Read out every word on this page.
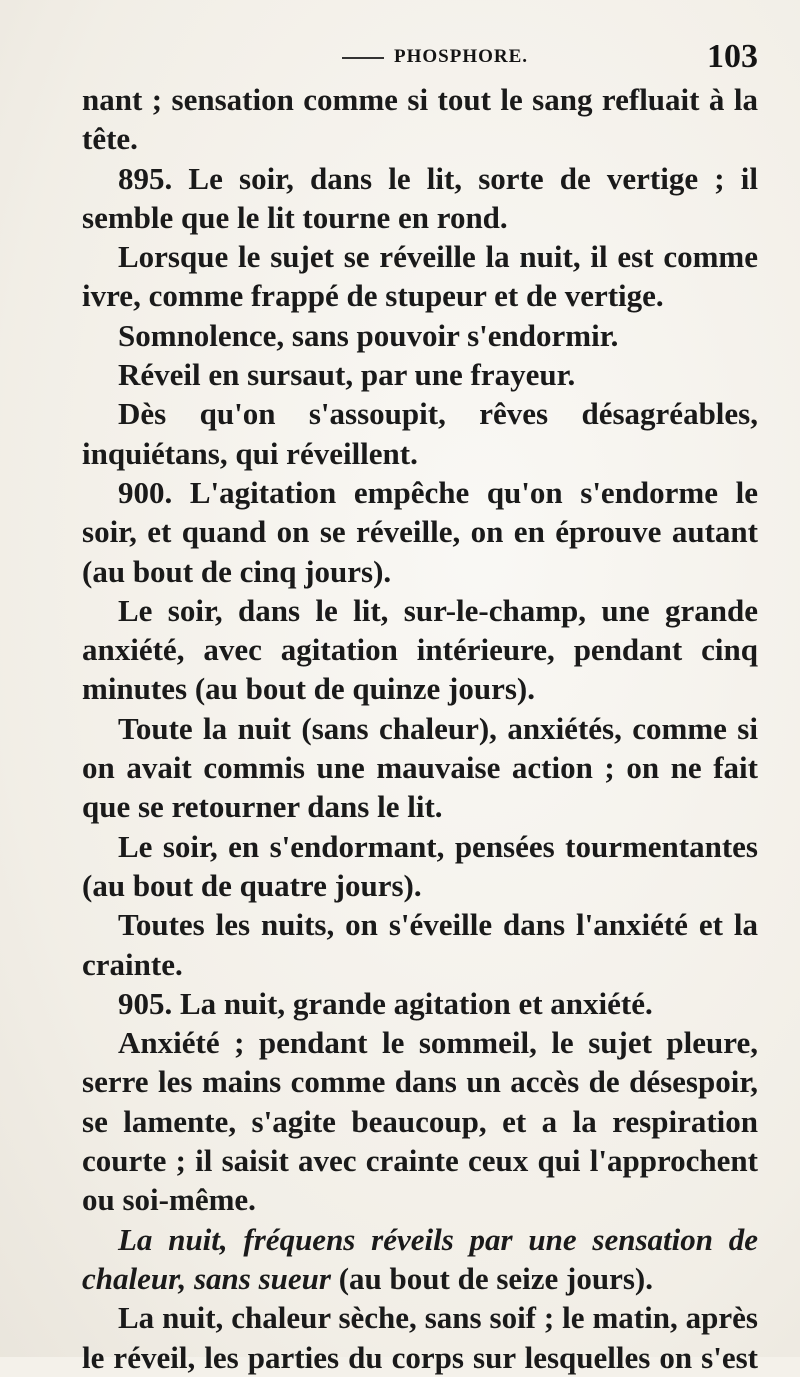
PHOSPHORE.	103

nant ; sensation comme si tout le sang refluait à la tête.

895. Le soir, dans le lit, sorte de vertige ; il semble que le lit tourne en rond.

Lorsque le sujet se réveille la nuit, il est comme ivre, comme frappé de stupeur et de vertige.

Somnolence, sans pouvoir s'endormir.

Réveil en sursaut, par une frayeur.

Dès qu'on s'assoupit, rêves désagréables, inquiétans, qui réveillent.

900. L'agitation empêche qu'on s'endorme le soir, et quand on se réveille, on en éprouve autant (au bout de cinq jours).

Le soir, dans le lit, sur-le-champ, une grande anxiété, avec agitation intérieure, pendant cinq minutes (au bout de quinze jours).

Toute la nuit (sans chaleur), anxiétés, comme si on avait commis une mauvaise action ; on ne fait que se retourner dans le lit.

Le soir, en s'endormant, pensées tourmentantes (au bout de quatre jours).

Toutes les nuits, on s'éveille dans l'anxiété et la crainte.

905. La nuit, grande agitation et anxiété.

Anxiété ; pendant le sommeil, le sujet pleure, serre les mains comme dans un accès de désespoir, se lamente, s'agite beaucoup, et a la respiration courte ; il saisit avec crainte ceux qui l'approchent ou soi-même.

La nuit, fréquens réveils par une sensation de chaleur, sans sueur (au bout de seize jours).

La nuit, chaleur sèche, sans soif ; le matin, après le réveil, les parties du corps sur lesquelles on s'est
